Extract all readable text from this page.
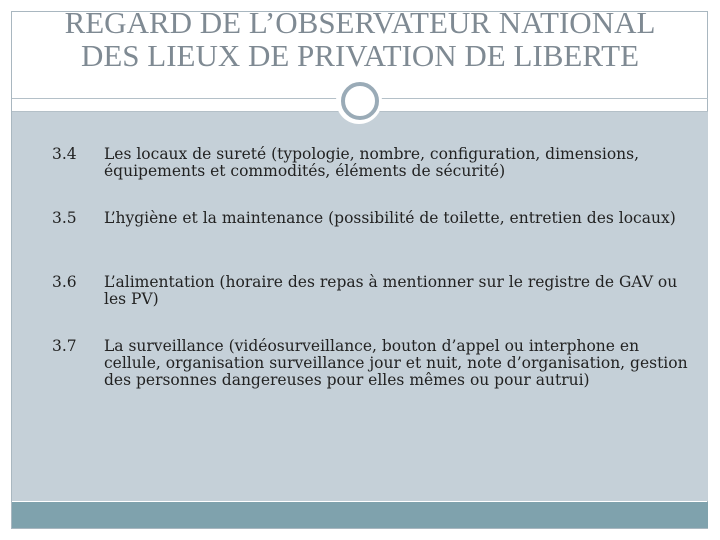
REGARD DE L’OBSERVATEUR NATIONAL
DES LIEUX DE PRIVATION DE LIBERTE
3.4	Les locaux de sureté (typologie, nombre, configuration, dimensions, équipements et commodités, éléments de sécurité)
3.5	L’hygiène et la maintenance (possibilité de toilette, entretien des locaux)
3.6	L’alimentation (horaire des repas à mentionner sur le registre de GAV ou les PV)
3.7	La surveillance (vidéosurveillance, bouton d’appel ou interphone en cellule, organisation surveillance jour et nuit, note d’organisation, gestion des personnes dangereuses pour elles mêmes ou pour autrui)
